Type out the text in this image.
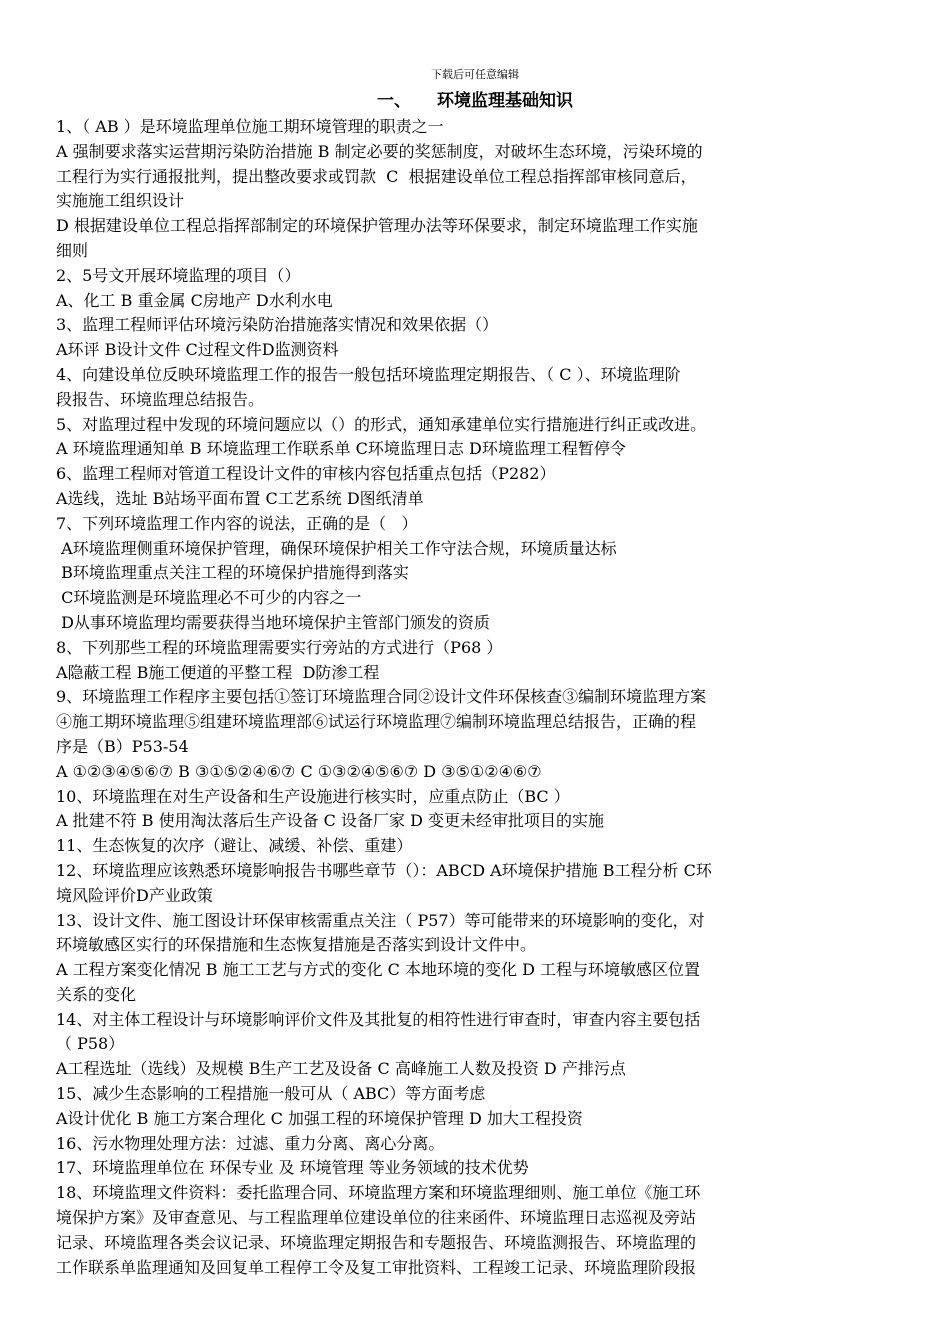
下载后可任意编辑
一、 环境监理基础知识
1、（ AB ）是环境监理单位施工期环境管理的职责之一
A 强制要求落实运营期污染防治措施 B 制定必要的奖惩制度，对破坏生态环境，污染环境的
工程行为实行通报批判，提出整改要求或罚款  C  根据建设单位工程总指挥部审核同意后，
实施施工组织设计
D 根据建设单位工程总指挥部制定的环境保护管理办法等环保要求，制定环境监理工作实施
细则
2、5号文开展环境监理的项目（）
A、化工 B 重金属 C房地产 D水利水电
3、监理工程师评估环境污染防治措施落实情况和效果依据（）
A环评 B设计文件 C过程文件D监测资料
4、向建设单位反映环境监理工作的报告一般包括环境监理定期报告、（ C ）、环境监理阶
段报告、环境监理总结报告。
5、对监理过程中发现的环境问题应以（）的形式，通知承建单位实行措施进行纠正或改进。
A 环境监理通知单 B 环境监理工作联系单 C环境监理日志 D环境监理工程暂停令
6、监理工程师对管道工程设计文件的审核内容包括重点包括（P282）
A选线，选址 B站场平面布置 C工艺系统 D图纸清单
7、下列环境监理工作内容的说法，正确的是（   ）
A环境监理侧重环境保护管理，确保环境保护相关工作守法合规，环境质量达标
B环境监理重点关注工程的环境保护措施得到落实
C环境监测是环境监理必不可少的内容之一
D从事环境监理均需要获得当地环境保护主管部门颁发的资质
8、下列那些工程的环境监理需要实行旁站的方式进行（P68 ）
A隐蔽工程 B施工便道的平整工程  D防渗工程
9、环境监理工作程序主要包括①签订环境监理合同②设计文件环保核查③编制环境监理方案
④施工期环境监理⑤组建环境监理部⑥试运行环境监理⑦编制环境监理总结报告，正确的程
序是（B）P53-54
A ①②③④⑤⑥⑦ B ③①⑤②④⑥⑦ C ①③②④⑤⑥⑦ D ③⑤①②④⑥⑦
10、环境监理在对生产设备和生产设施进行核实时，应重点防止（BC ）
A 批建不符 B 使用淘汰落后生产设备 C 设备厂家 D 变更未经审批项目的实施
11、生态恢复的次序（避让、减缓、补偿、重建）
12、环境监理应该熟悉环境影响报告书哪些章节（）：ABCD A环境保护措施 B工程分析 C环
境风险评价D产业政策
13、设计文件、施工图设计环保审核需重点关注（ P57）等可能带来的环境影响的变化，对
环境敏感区实行的环保措施和生态恢复措施是否落实到设计文件中。
A 工程方案变化情况 B 施工工艺与方式的变化 C 本地环境的变化 D 工程与环境敏感区位置
关系的变化
14、对主体工程设计与环境影响评价文件及其批复的相符性进行审查时，审查内容主要包括
（ P58）
A工程选址（选线）及规模 B生产工艺及设备 C 高峰施工人数及投资 D 产排污点
15、减少生态影响的工程措施一般可从（ ABC）等方面考虑
A设计优化 B 施工方案合理化 C 加强工程的环境保护管理 D 加大工程投资
16、污水物理处理方法：过滤、重力分离、离心分离。
17、环境监理单位在 环保专业 及 环境管理 等业务领域的技术优势
18、环境监理文件资料：委托监理合同、环境监理方案和环境监理细则、施工单位《施工环
境保护方案》及审查意见、与工程监理单位建设单位的往来函件、环境监理日志巡视及旁站
记录、环境监理各类会议记录、环境监理定期报告和专题报告、环境监测报告、环境监理的
工作联系单监理通知及回复单工程停工令及复工审批资料、工程竣工记录、环境监理阶段报
